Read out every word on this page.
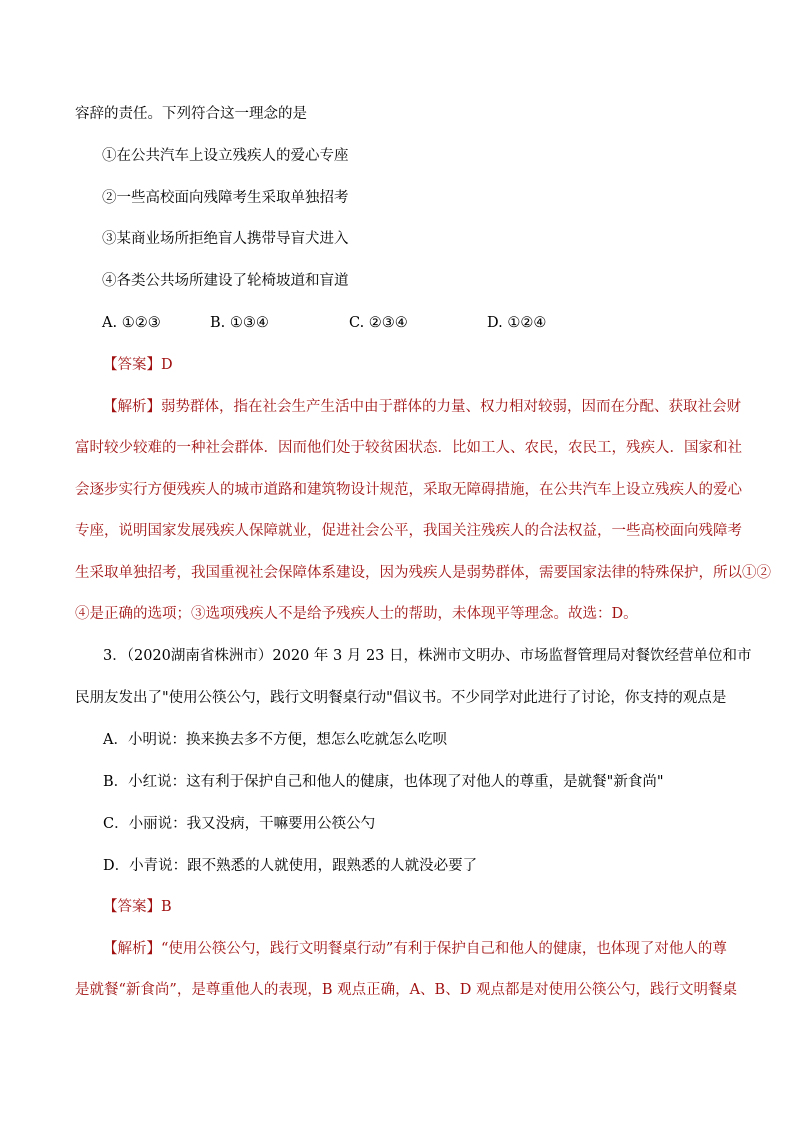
容辞的责任。下列符合这一理念的是
①在公共汽车上设立残疾人的爱心专座
②一些高校面向残障考生采取单独招考
③某商业场所拒绝盲人携带导盲犬进入
④各类公共场所建设了轮椅坡道和盲道
A. ①②③	B. ①③④	C. ②③④	D. ①②④
【答案】D
【解析】弱势群体，指在社会生产生活中由于群体的力量、权力相对较弱，因而在分配、获取社会财
富时较少较难的一种社会群体．因而他们处于较贫困状态．比如工人、农民，农民工，残疾人．国家和社
会逐步实行方便残疾人的城市道路和建筑物设计规范，采取无障碍措施，在公共汽车上设立残疾人的爱心
专座，说明国家发展残疾人保障就业，促进社会公平，我国关注残疾人的合法权益，一些高校面向残障考
生采取单独招考，我国重视社会保障体系建设，因为残疾人是弱势群体，需要国家法律的特殊保护，所以①②
④是正确的选项；③选项残疾人不是给予残疾人士的帮助，未体现平等理念。故选：D。
3．（2020湖南省株洲市）2020 年 3 月 23 日，株洲市文明办、市场监督管理局对餐饮经营单位和市
民朋友发出了"使用公筷公勺，践行文明餐桌行动"倡议书。不少同学对此进行了讨论，你支持的观点是
A．小明说：换来换去多不方便，想怎么吃就怎么吃呗
B．小红说：这有利于保护自己和他人的健康，也体现了对他人的尊重，是就餐"新食尚"
C．小丽说：我又没病，干嘛要用公筷公勺
D．小青说：跟不熟悉的人就使用，跟熟悉的人就没必要了
【答案】B
【解析】“使用公筷公勺，践行文明餐桌行动”有利于保护自己和他人的健康，也体现了对他人的尊
是就餐“新食尚”，是尊重他人的表现，B 观点正确，A、B、D 观点都是对使用公筷公勺，践行文明餐桌
